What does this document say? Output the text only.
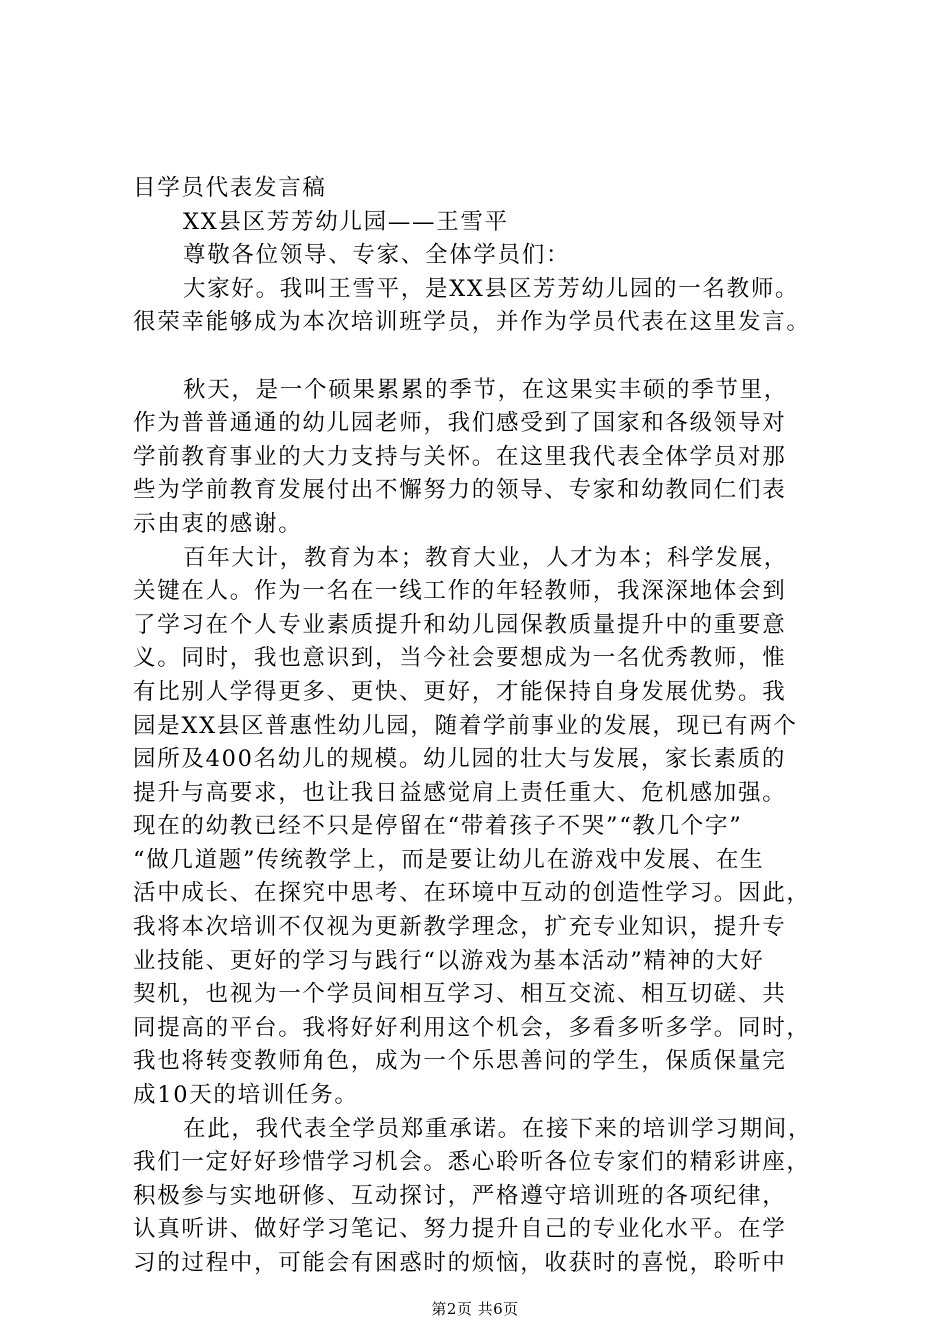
目学员代表发言稿
XX县区芳芳幼儿园——王雪平
尊敬各位领导、专家、全体学员们：
大家好。我叫王雪平，是XX县区芳芳幼儿园的一名教师。
很荣幸能够成为本次培训班学员，并作为学员代表在这里发言。
秋天，是一个硕果累累的季节，在这果实丰硕的季节里，
作为普普通通的幼儿园老师，我们感受到了国家和各级领导对
学前教育事业的大力支持与关怀。在这里我代表全体学员对那
些为学前教育发展付出不懈努力的领导、专家和幼教同仁们表
示由衷的感谢。
百年大计，教育为本；教育大业，人才为本；科学发展，
关键在人。作为一名在一线工作的年轻教师，我深深地体会到
了学习在个人专业素质提升和幼儿园保教质量提升中的重要意
义。同时，我也意识到，当今社会要想成为一名优秀教师，惟
有比别人学得更多、更快、更好，才能保持自身发展优势。我
园是XX县区普惠性幼儿园，随着学前事业的发展，现已有两个
园所及400名幼儿的规模。幼儿园的壮大与发展，家长素质的
提升与高要求，也让我日益感觉肩上责任重大、危机感加强。
现在的幼教已经不只是停留在“带着孩子不哭”“教几个字”
“做几道题”传统教学上，而是要让幼儿在游戏中发展、在生
活中成长、在探究中思考、在环境中互动的创造性学习。因此，
我将本次培训不仅视为更新教学理念，扩充专业知识，提升专
业技能、更好的学习与践行“以游戏为基本活动”精神的大好
契机，也视为一个学员间相互学习、相互交流、相互切磋、共
同提高的平台。我将好好利用这个机会，多看多听多学。同时，
我也将转变教师角色，成为一个乐思善问的学生，保质保量完
成10天的培训任务。
在此，我代表全学员郑重承诺。在接下来的培训学习期间，
我们一定好好珍惜学习机会。悉心聆听各位专家们的精彩讲座，
积极参与实地研修、互动探讨，严格遵守培训班的各项纪律，
认真听讲、做好学习笔记、努力提升自己的专业化水平。在学
习的过程中，可能会有困惑时的烦恼，收获时的喜悦，聆听中
第2页 共6页
